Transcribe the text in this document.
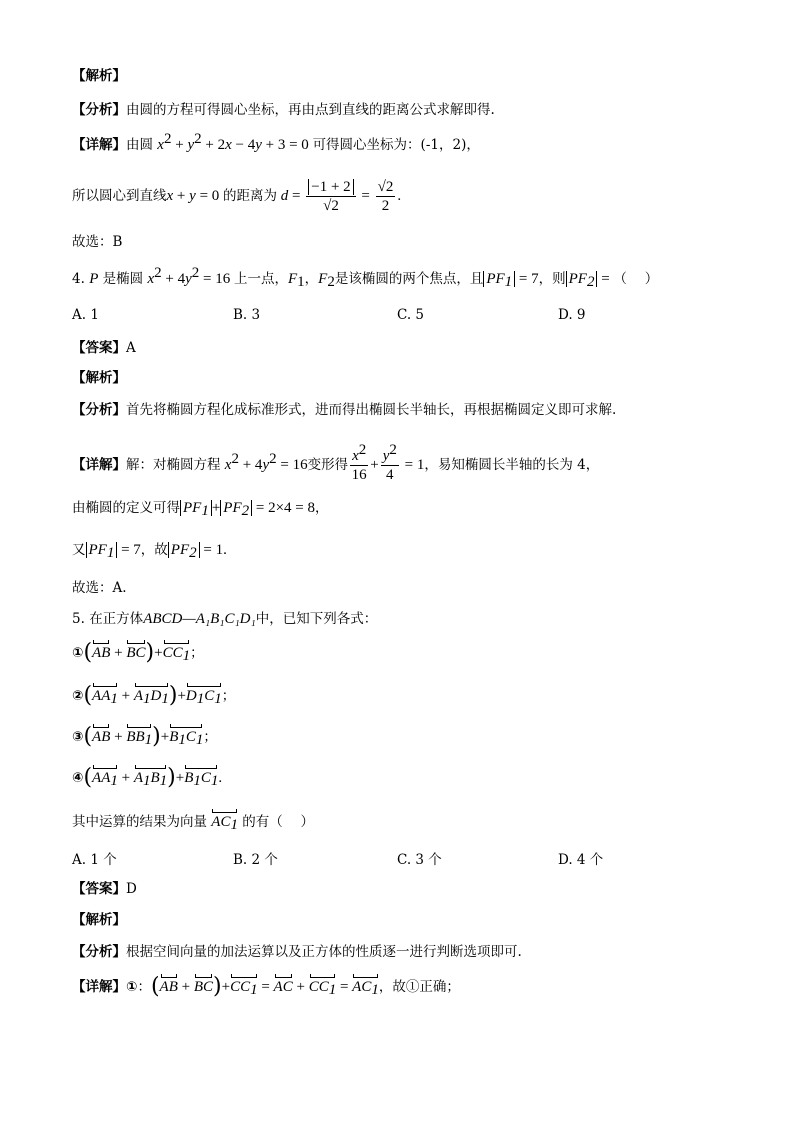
【解析】
【分析】由圆的方程可得圆心坐标，再由点到直线的距离公式求解即得.
【详解】由圆 $x^2 + y^2 + 2x - 4y + 3 = 0$ 可得圆心坐标为：(-1，2)，
所以圆心到直线x + y = 0 的距离为 $d = \frac{-1 + 2}{√2} = \frac{√2}{2}$ .
故选：B
4. P 是椭圆 $x^2 + 4y^2 = 16$ 上一点，$F_1$，$F_2$是该椭圆的两个焦点，且 $PF_1 = 7$，则 $PF_2$ = （　 ）
A. 1	B. 3	C. 5	D. 9
【答案】A
【解析】
【分析】首先将椭圆方程化成标准形式，进而得出椭圆长半轴长，再根据椭圆定义即可求解.
【详解】解：对椭圆方程 $x^2 + 4y^2 = 16$变形得 $\frac{x^2}{16} + \frac{y^2}{4} = 1$，易知椭圆长半轴的长为 4，
由椭圆的定义可得 $PF_1 + PF_2 = 2\times 4 = 8$，
又 $PF_1 = 7$，故 $PF_2 = 1$.
故选：A.
5. 在正方体ABCD—A₁B₁C₁D₁中，已知下列各式：
①(AB + $BC)+CC_1$；
$②(AA_1 + A_1D_1)+D_1C_1$；
③(AB + $BB_1)+B_1C_1$；
$④(AA_1 + A_1B_1)+B_1C_1$.
其中运算的结果为向量 $AC_1$ 的有（　 ）
A. 1 个	B. 2 个	C. 3 个	D. 4 个
【答案】D
【解析】
【分析】根据空间向量的加法运算以及正方体的性质逐一进行判断选项即可.
【详解】①：$(AB + BC)+CC_1$ = AC + $CC_1 = AC_1$，故①正确；
